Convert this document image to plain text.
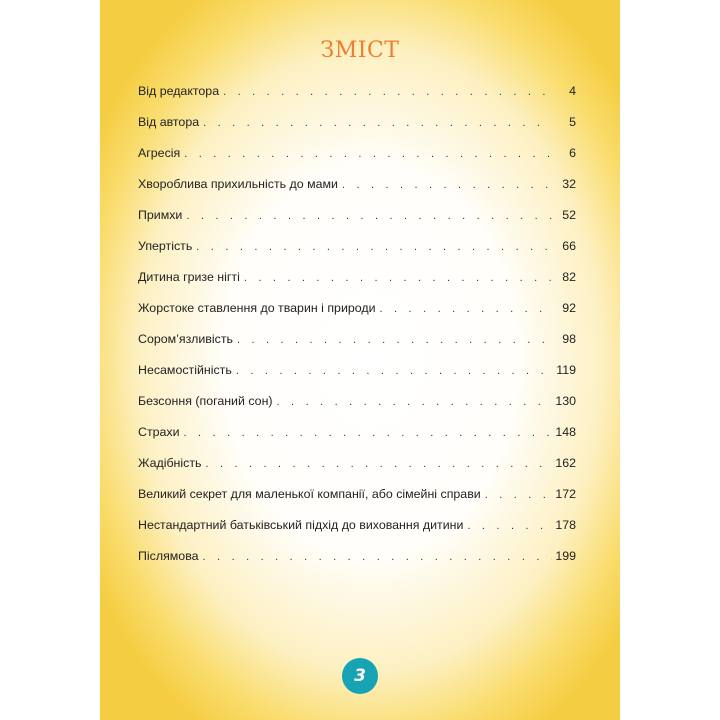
ЗМІСТ
Від редактора . . .	4
Від автора . . .	5
Агресія . . .	6
Хвороблива прихильність до мами . . .	32
Примхи . . .	52
Упертість . . .	66
Дитина гризе нігті . . .	82
Жорстоке ставлення до тварин і природи . . .	92
Сором’язливість . . .	98
Несамостійність . . .	119
Безсоння (поганий сон) . . .	130
Страхи . . .	148
Жадібність . . .	162
Великий секрет для маленької компанії, або сімейні справи . . .	172
Нестандартний батьківський підхід до виховання дитини . . .	178
Післямова . . .	199
3
